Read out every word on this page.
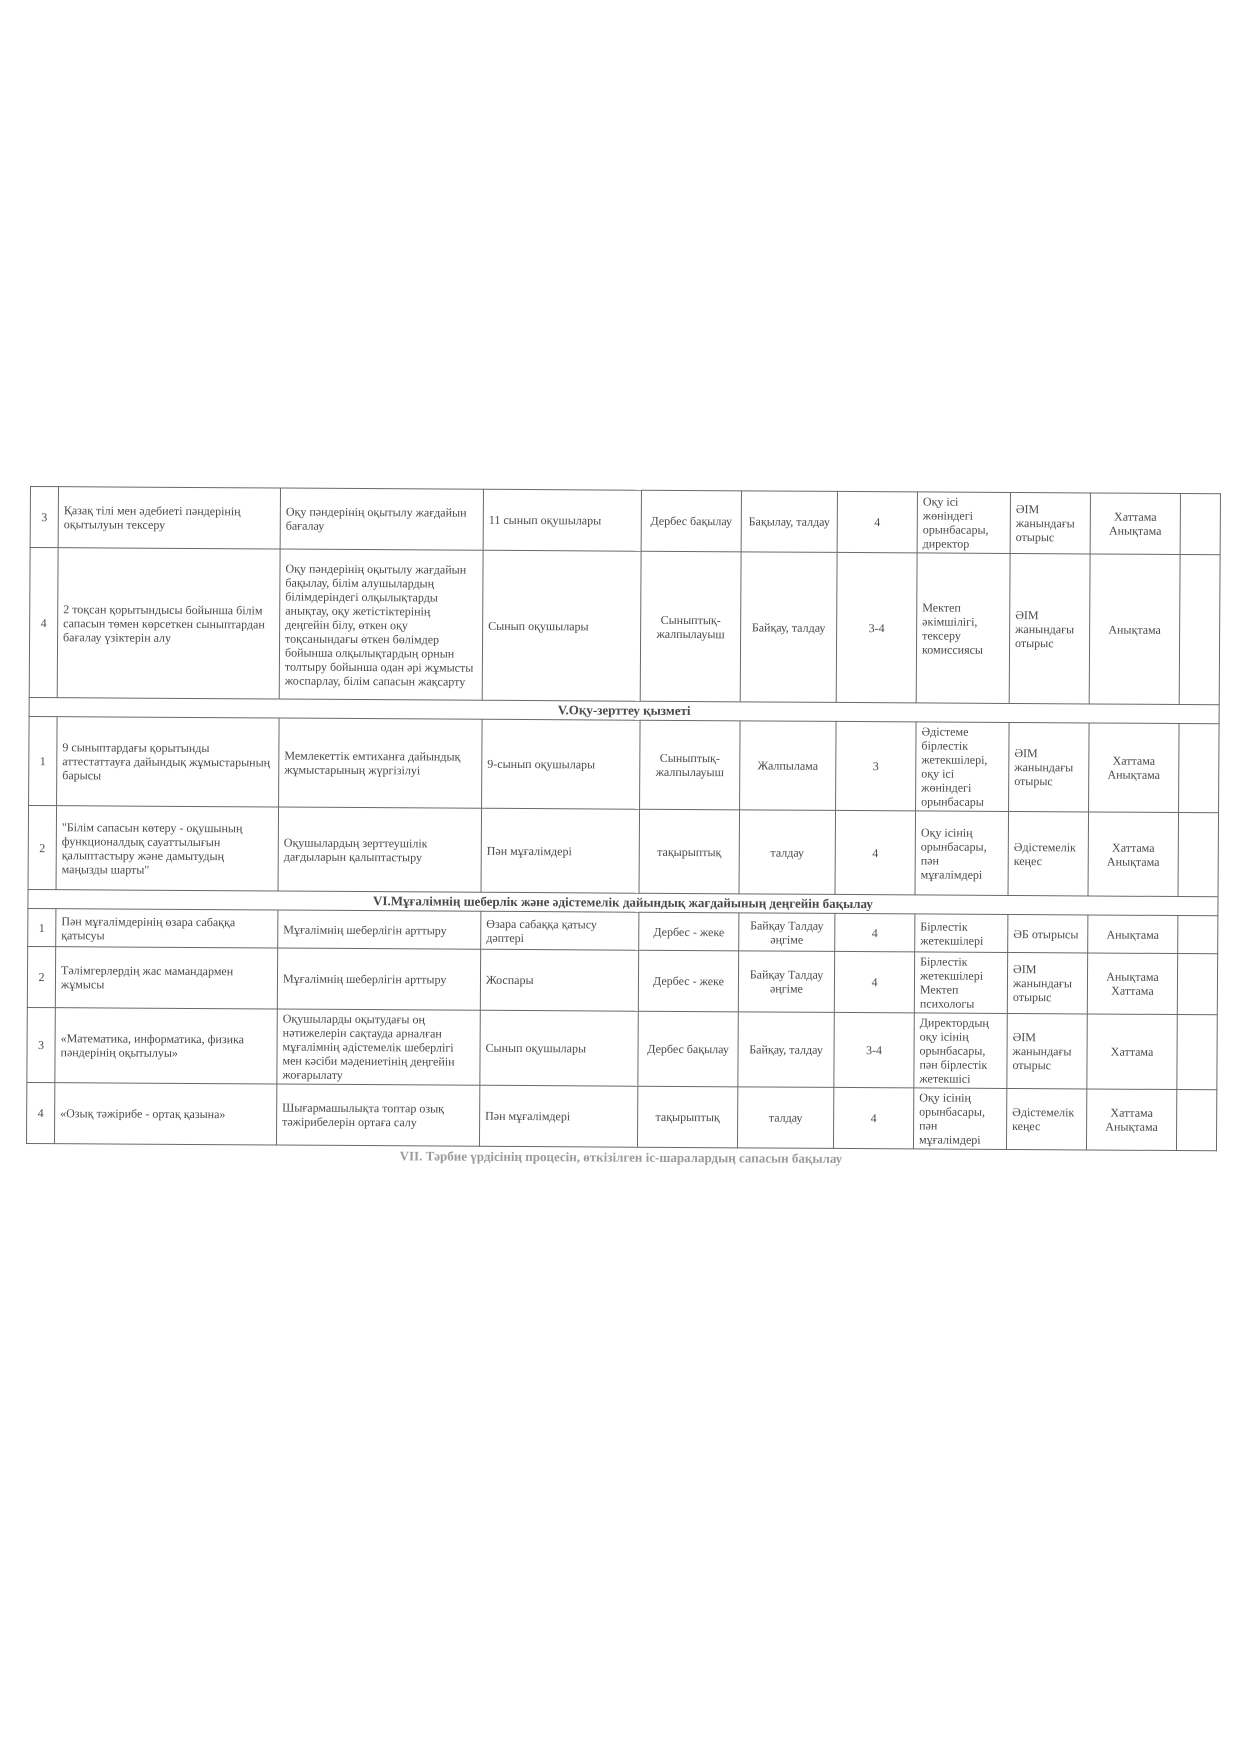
3	Қазақ тілі мен әдебиеті пәндерінің оқытылуын тексеру	Оқу пәндерінің оқытылу жағдайын бағалау	11 сынып оқушылары	Дербес бақылау	Бақылау, талдау	4	Оқу ісі жөніндегі орынбасары, директор	ӘІМ жанындағы отырыс	Хаттама Анықтама	
4	2 тоқсан қорытындысы бойынша білім сапасын төмен көрсеткен сыныптардан бағалау үзіктерін алу	Оқу пәндерінің оқытылу жағдайын бақылау, білім алушылардың білімдеріндегі олқылықтарды анықтау, оқу жетістіктерінің деңгейін білу, өткен оқу тоқсанындағы өткен бөлімдер бойынша олқылықтардың орнын толтыру бойынша одан әрі жұмысты жоспарлау, білім сапасын жақсарту	Сынып оқушылары	Сыныптық-жалпылауыш	Байқау, талдау	3-4	Мектеп әкімшілігі, тексеру комиссиясы	ӘІМ жанындағы отырыс	Анықтама	
V.Оқу-зерттеу қызметі										
1	9 сыныптардағы қорытынды аттестаттауға дайындық жұмыстарының барысы	Мемлекеттік емтиханға дайындық жұмыстарының жүргізілуі	9-сынып оқушылары	Сыныптық-жалпылауыш	Жалпылама	3	Әдістеме бірлестік жетекшілері, оқу ісі жөніндегі орынбасары	ӘІМ жанындағы отырыс	Хаттама Анықтама	
2	"Білім сапасын көтеру - оқушының функционалдық сауаттылығын қалыптастыру және дамытудың маңызды шарты"	Оқушылардың зерттеушілік дағдыларын қалыптастыру	Пән мұғалімдері	тақырыптық	талдау	4	Оқу ісінің орынбасары, пән мұғалімдері	Әдістемелік кеңес	Хаттама Анықтама	
VI.Мұғалімнің шеберлік және әдістемелік дайындық жағдайының деңгейін бақылау										
1	Пән мұғалімдерінің өзара сабаққа қатысуы	Мұғалімнің шеберлігін арттыру	Өзара сабаққа қатысу дәптері	Дербес - жеке	Байқау Талдау әңгіме	4	Бірлестік жетекшілері	ӘБ отырысы	Анықтама	
2	Тәлімгерлердің жас мамандармен жұмысы	Мұғалімнің шеберлігін арттыру	Жоспары	Дербес - жеке	Байқау Талдау әңгіме	4	Бірлестік жетекшілері Мектеп психологы	ӘІМ жанындағы отырыс	Анықтама Хаттама	
3	«Математика, информатика, физика пәндерінің оқытылуы»	Оқушыларды оқытудағы оң нәтижелерін сақтауда арналған мұғалімнің әдістемелік шеберлігі мен кәсіби мәдениетінің деңгейін жоғарылату	Сынып оқушылары	Дербес бақылау	Байқау, талдау	3-4	Директордың оқу ісінің орынбасары, пән бірлестік жетекшісі	ӘІМ жанындағы отырыс	Хаттама	
4	«Озық тәжірибе - ортақ қазына»	Шығармашылықта топтар озық тәжірибелерін ортаға салу	Пән мұғалімдері	тақырыптық	талдау	4	Оқу ісінің орынбасары, пән мұғалімдері	Әдістемелік кеңес	Хаттама Анықтама	
VII. Тәрбие үрдісінің процесін, өткізілген іс-шаралардың сапасын бақылау
